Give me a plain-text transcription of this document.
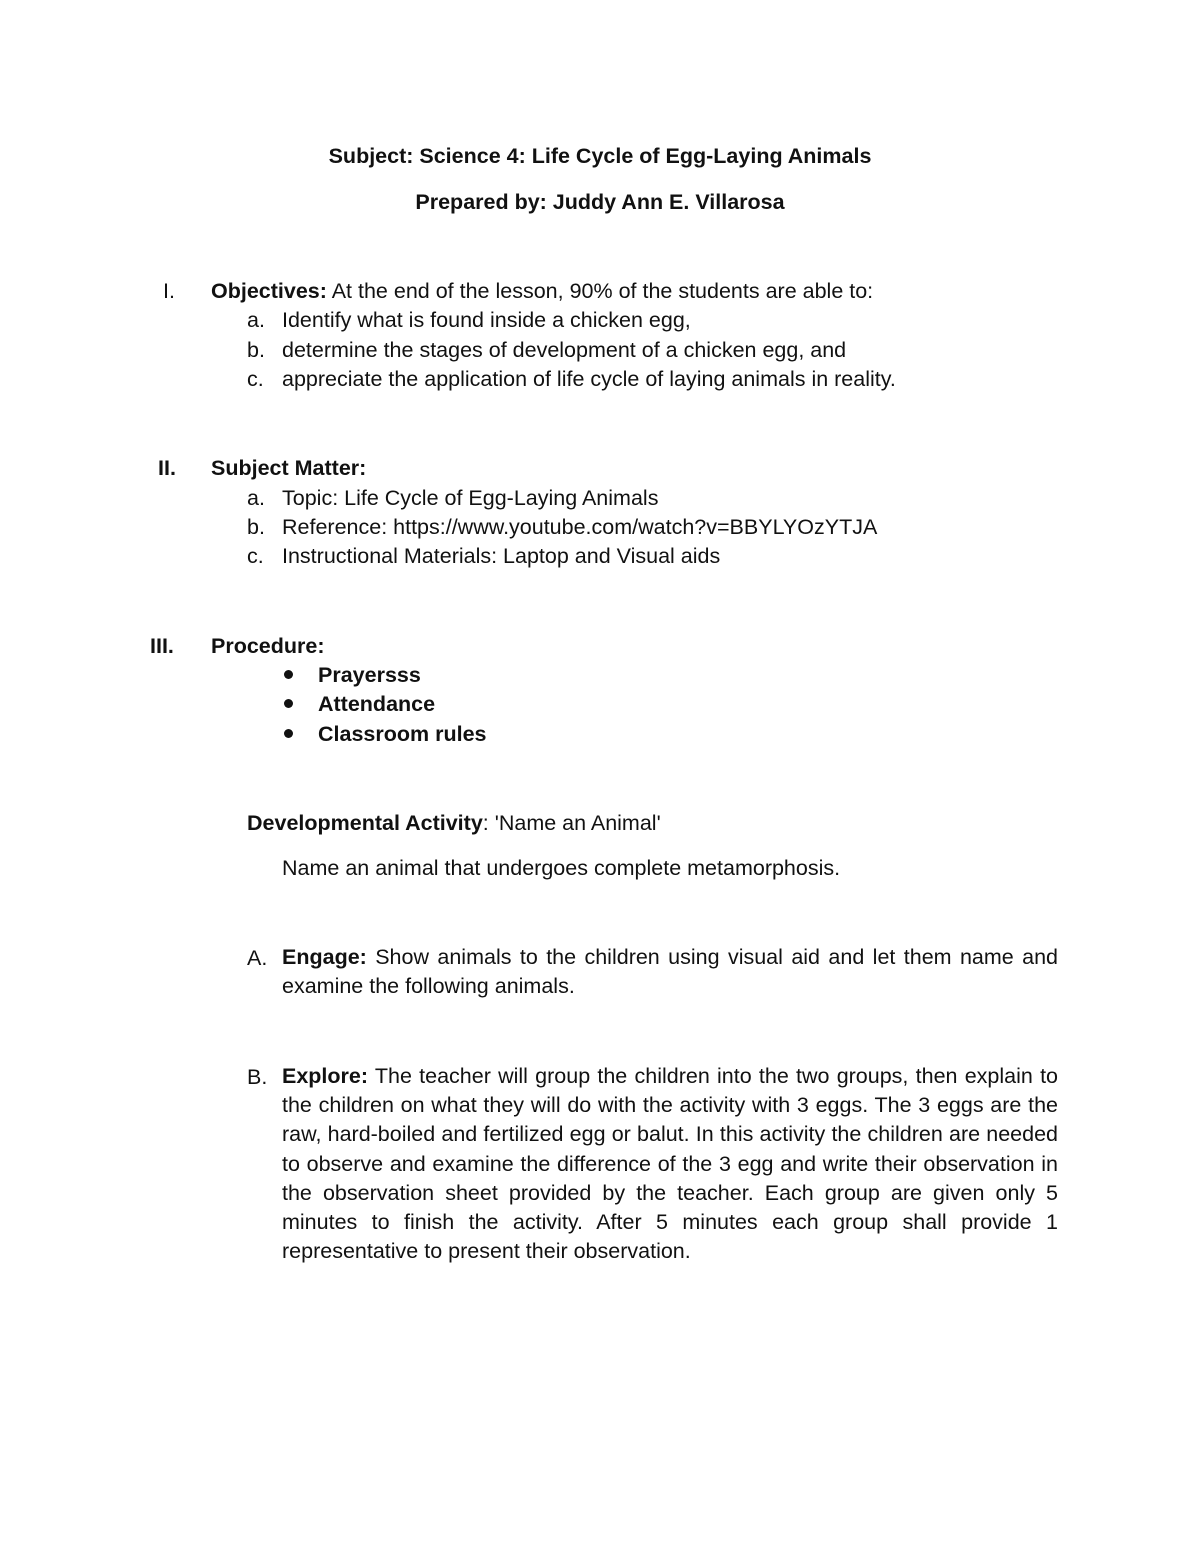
Subject: Science 4: Life Cycle of Egg-Laying Animals
Prepared by: Juddy Ann E. Villarosa
I. Objectives: At the end of the lesson, 90% of the students are able to:
a. Identify what is found inside a chicken egg,
b. determine the stages of development of a chicken egg, and
c. appreciate the application of life cycle of laying animals in reality.
II. Subject Matter:
a. Topic: Life Cycle of Egg-Laying Animals
b. Reference: https://www.youtube.com/watch?v=BBYLYOzYTJA
c. Instructional Materials: Laptop and Visual aids
III. Procedure:
Prayersss
Attendance
Classroom rules
Developmental Activity: 'Name an Animal'
Name an animal that undergoes complete metamorphosis.
A. Engage: Show animals to the children using visual aid and let them name and examine the following animals.
B. Explore: The teacher will group the children into the two groups, then explain to the children on what they will do with the activity with 3 eggs. The 3 eggs are the raw, hard-boiled and fertilized egg or balut. In this activity the children are needed to observe and examine the difference of the 3 egg and write their observation in the observation sheet provided by the teacher. Each group are given only 5 minutes to finish the activity. After 5 minutes each group shall provide 1 representative to present their observation.
